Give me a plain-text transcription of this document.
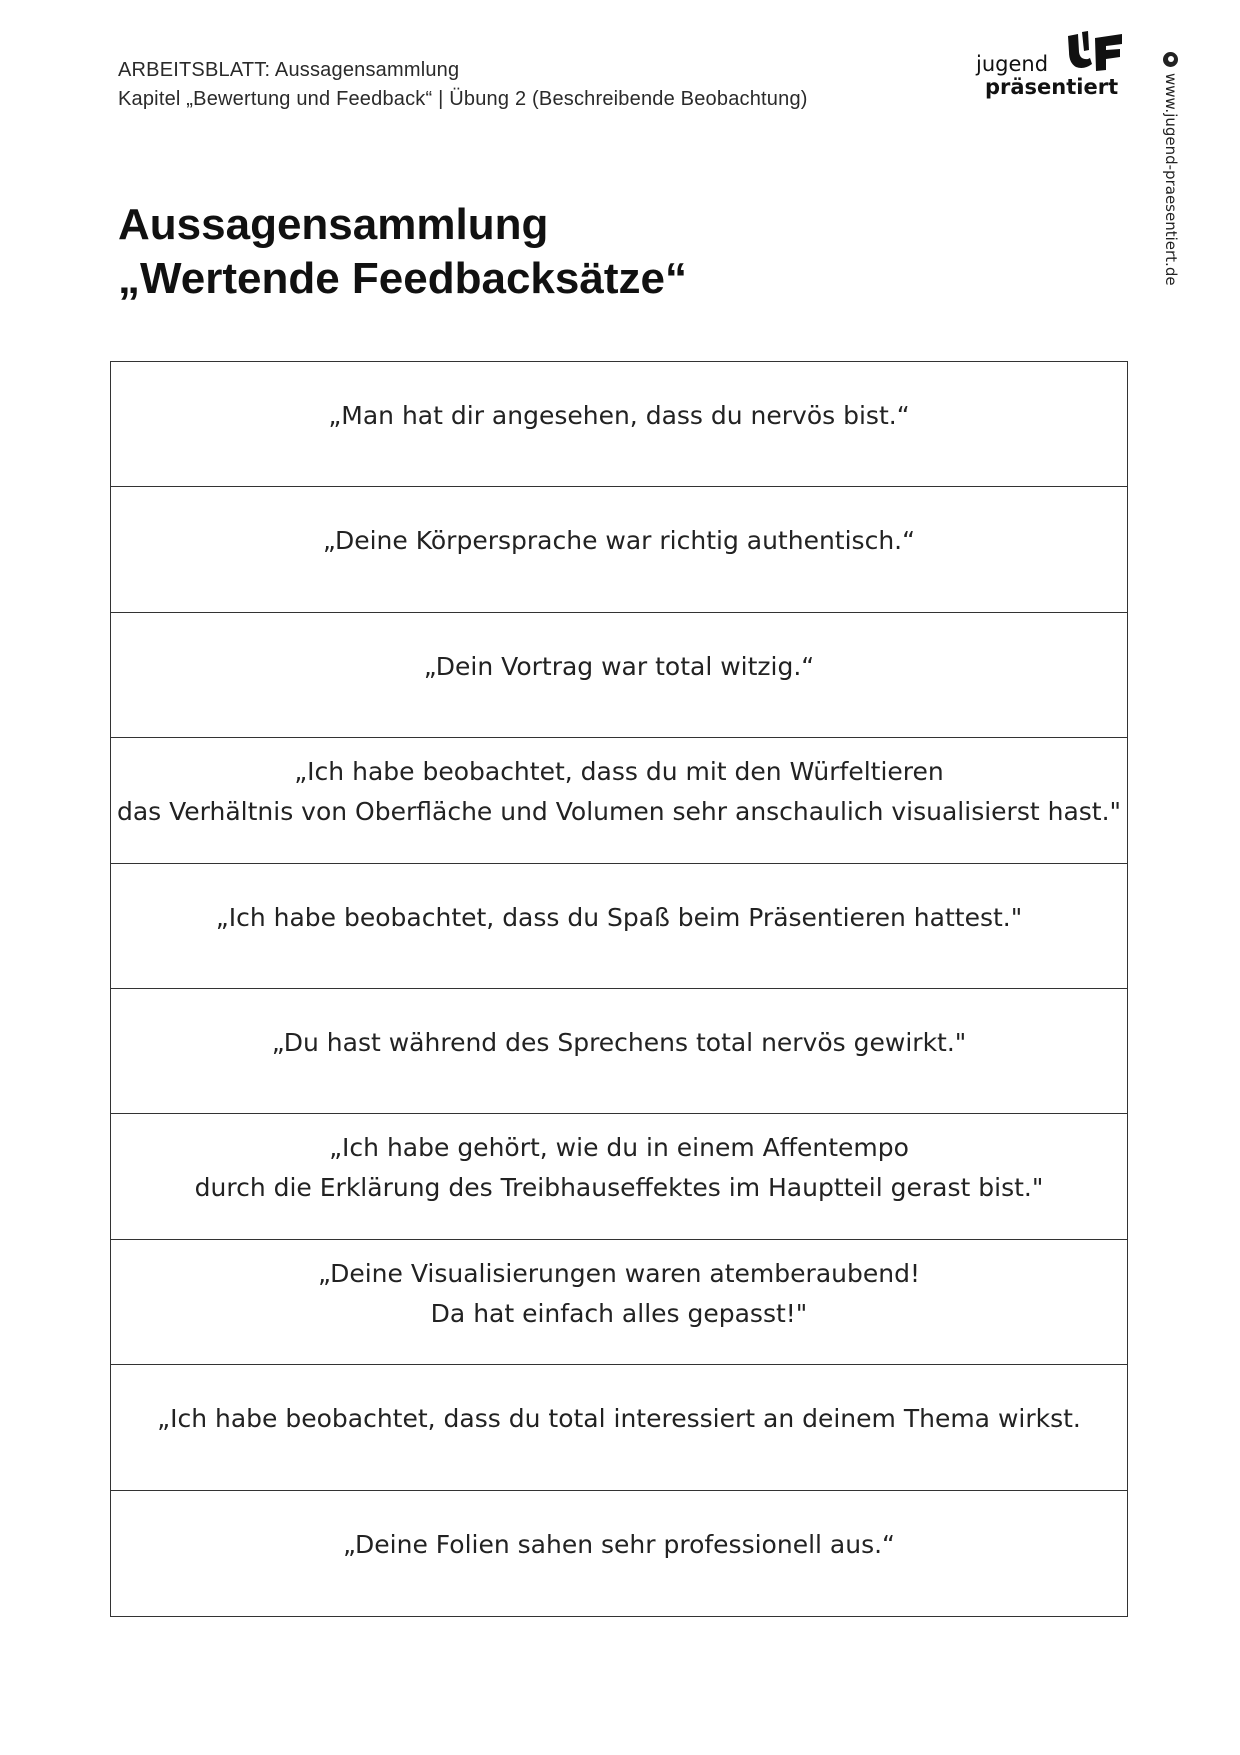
ARBEITSBLATT: Aussagensammlung
Kapitel „Bewertung und Feedback“ | Übung 2 (Beschreibende Beobachtung)
jugend
präsentiert	www.jugend-praesentiert.de
Aussagensammlung
„Wertende Feedbacksätze“
„Man hat dir angesehen, dass du nervös bist.“
„Deine Körpersprache war richtig authentisch.“
„Dein Vortrag war total witzig.“
„Ich habe beobachtet, dass du mit den Würfeltieren
das Verhältnis von Oberfläche und Volumen sehr anschaulich visualisierst hast."
„Ich habe beobachtet, dass du Spaß beim Präsentieren hattest."
„Du hast während des Sprechens total nervös gewirkt."
„Ich habe gehört, wie du in einem Affentempo
durch die Erklärung des Treibhauseffektes im Hauptteil gerast bist."
„Deine Visualisierungen waren atemberaubend!
Da hat einfach alles gepasst!"
„Ich habe beobachtet, dass du total interessiert an deinem Thema wirkst.
„Deine Folien sahen sehr professionell aus.“
